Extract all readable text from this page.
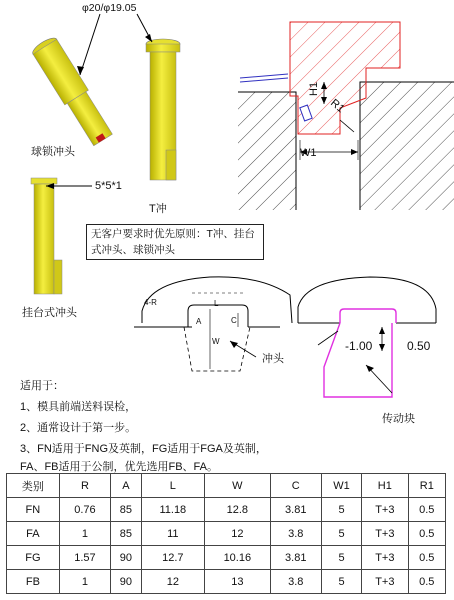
φ20/φ19.05
球锁冲头
T冲
5*5*1
挂台式冲头
H1
R1
W1
无客户要求时优先原则：T冲、挂台式冲头、球锁冲头
4-R	L
A	C
W
冲头
-1.00	0.50
传动块
适用于：
1、模具前端送料误检，
2、通常设计于第一步。
3、FN适用于FNG及英制，FG适用于FGA及英制，
FA、FB适用于公制，优先选用FB、FA。
类别	R	A	L	W	C	W1	H1	R1
FN	0.76	85	11.18	12.8	3.81	5	T+3	0.5
FA	1	85	11	12	3.8	5	T+3	0.5
FG	1.57	90	12.7	10.16	3.81	5	T+3	0.5
FB	1	90	12	13	3.8	5	T+3	0.5
